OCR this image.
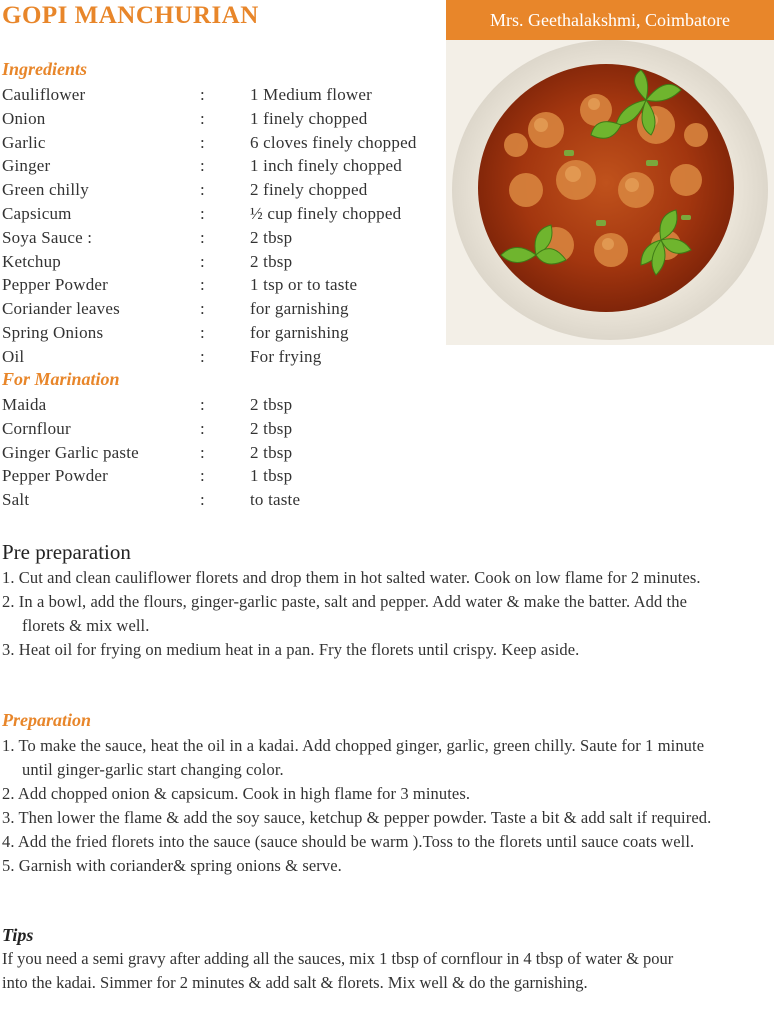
GOPI MANCHURIAN	Mrs. Geethalakshmi, Coimbatore
Ingredients
Cauliflower	:	1 Medium flower
Onion	:	1 finely chopped
Garlic	:	6 cloves finely chopped
Ginger	:	1 inch finely chopped
Green chilly	:	2 finely chopped
Capsicum	:	½ cup finely chopped
Soya Sauce :	:	2 tbsp
Ketchup	:	2 tbsp
Pepper Powder	:	1 tsp or to taste
Coriander leaves	:	for garnishing
Spring Onions	:	for garnishing
Oil	:	For frying
For Marination
Maida	:	2 tbsp
Cornflour	:	2 tbsp
Ginger Garlic paste	:	2 tbsp
Pepper Powder	:	1 tbsp
Salt	:	to taste
Pre preparation
1. Cut and clean cauliflower florets and drop them in hot salted water. Cook on low flame for 2 minutes.
2. In a bowl, add the flours, ginger-garlic paste, salt and pepper. Add water & make the batter. Add the florets & mix well.
3. Heat oil for frying on medium heat in a pan. Fry the florets until crispy. Keep aside.
Preparation
1. To make the sauce, heat the oil in a kadai. Add chopped ginger, garlic, green chilly. Saute for 1 minute until ginger-garlic start changing color.
2. Add chopped onion & capsicum. Cook in high flame for 3 minutes.
3. Then lower the flame & add the soy sauce, ketchup & pepper powder. Taste a bit & add salt if required.
4. Add the fried florets into the sauce (sauce should be warm ).Toss to the florets until sauce coats well.
5. Garnish with coriander& spring onions & serve.
Tips
If you need a semi gravy after adding all the sauces, mix 1 tbsp of cornflour in 4 tbsp of water & pour into the kadai. Simmer for 2 minutes & add salt & florets. Mix well & do the garnishing.
